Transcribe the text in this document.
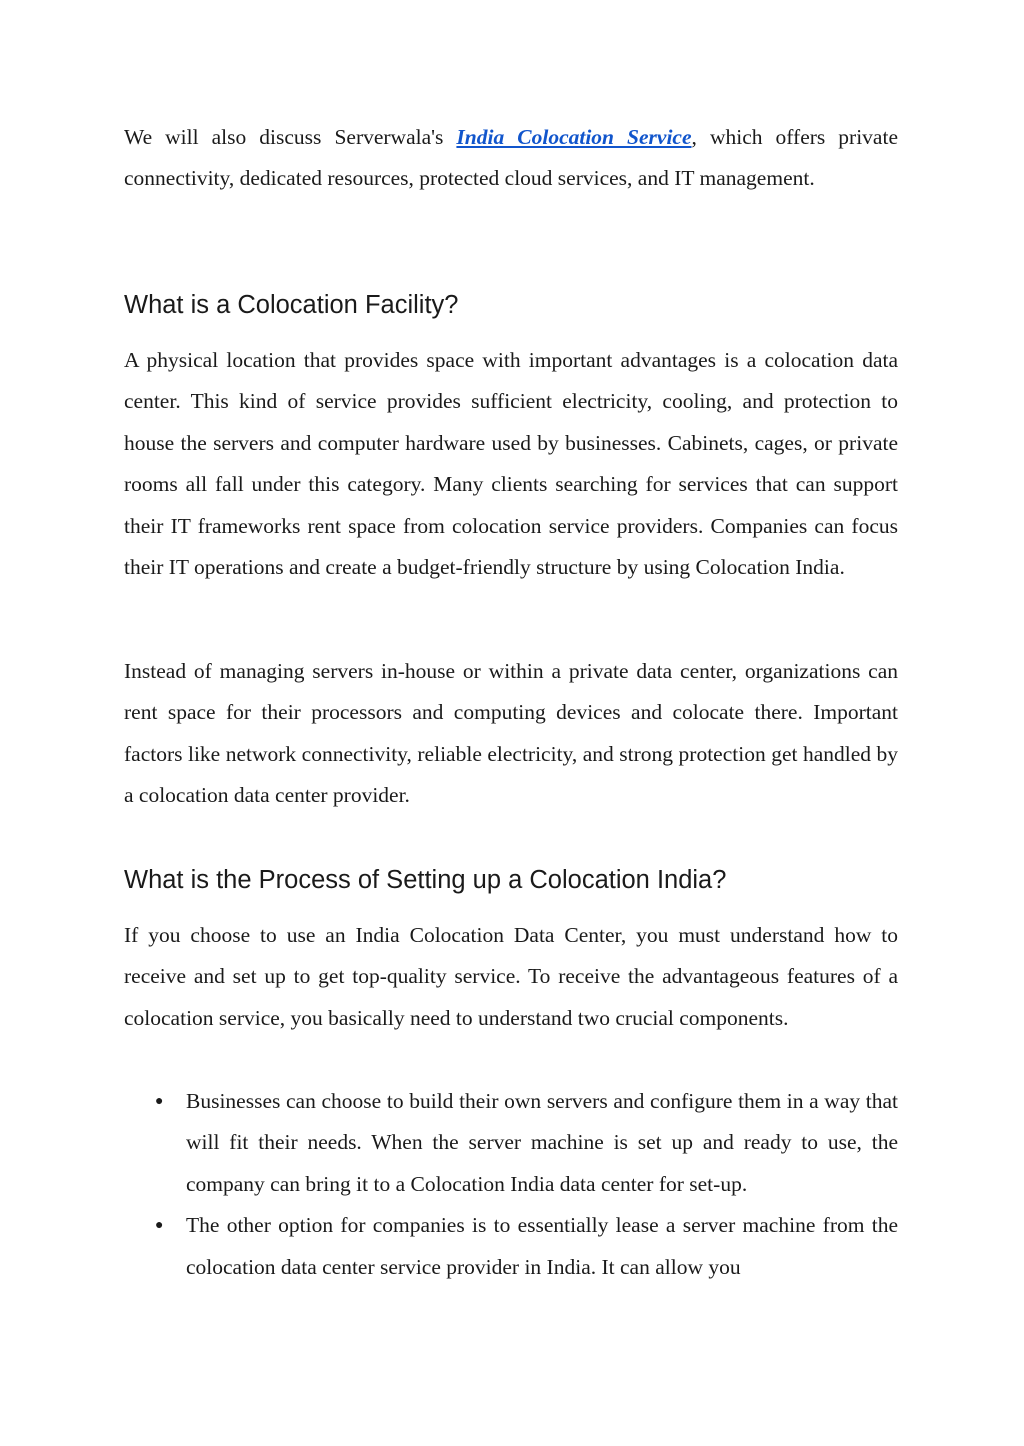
We will also discuss Serverwala's India Colocation Service, which offers private connectivity, dedicated resources, protected cloud services, and IT management.

What is a Colocation Facility?

A physical location that provides space with important advantages is a colocation data center. This kind of service provides sufficient electricity, cooling, and protection to house the servers and computer hardware used by businesses. Cabinets, cages, or private rooms all fall under this category. Many clients searching for services that can support their IT frameworks rent space from colocation service providers. Companies can focus their IT operations and create a budget-friendly structure by using Colocation India.

Instead of managing servers in-house or within a private data center, organizations can rent space for their processors and computing devices and colocate there. Important factors like network connectivity, reliable electricity, and strong protection get handled by a colocation data center provider.

What is the Process of Setting up a Colocation India?

If you choose to use an India Colocation Data Center, you must understand how to receive and set up to get top-quality service. To receive the advantageous features of a colocation service, you basically need to understand two crucial components.

● Businesses can choose to build their own servers and configure them in a way that will fit their needs. When the server machine is set up and ready to use, the company can bring it to a Colocation India data center for set-up.
● The other option for companies is to essentially lease a server machine from the colocation data center service provider in India. It can allow you
